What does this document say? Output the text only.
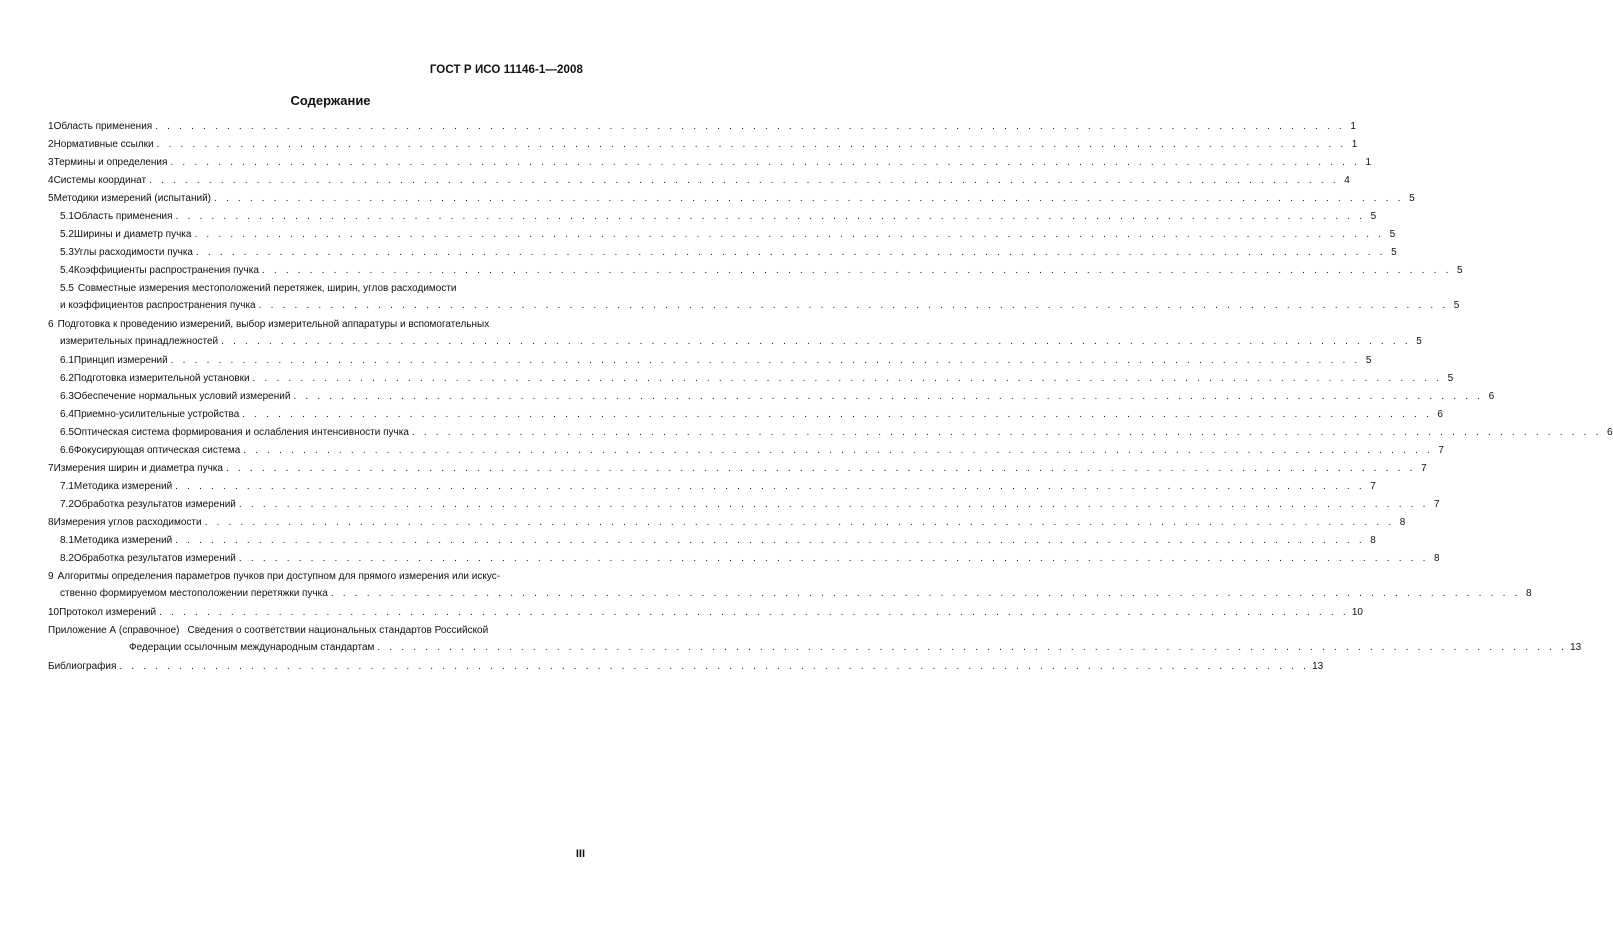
ГОСТ Р ИСО 11146-1—2008
Содержание
1 Область применения . . . . . . . . . . . . . . . . . . . . . . . . . . . . . . . . . . . . . . . . . . . . . . . . . . . . . . . . . . . . . . . . . . . . . . . . . . . . . . . . . . . . . . . . . . . . . . . . . . . . 1
2 Нормативные ссылки . . . . . . . . . . . . . . . . . . . . . . . . . . . . . . . . . . . . . . . . . . . . . . . . . . . . . . . . . . . . . . . . . . . . . . . . . . . . . . . . . . . . . . . . . . . . . . . . . . . . 1
3 Термины и определения . . . . . . . . . . . . . . . . . . . . . . . . . . . . . . . . . . . . . . . . . . . . . . . . . . . . . . . . . . . . . . . . . . . . . . . . . . . . . . . . . . . . . . . . . . . . . . . . . . . . 1
4 Системы координат . . . . . . . . . . . . . . . . . . . . . . . . . . . . . . . . . . . . . . . . . . . . . . . . . . . . . . . . . . . . . . . . . . . . . . . . . . . . . . . . . . . . . . . . . . . . . . . . . . . . 4
5 Методики измерений (испытаний) . . . . . . . . . . . . . . . . . . . . . . . . . . . . . . . . . . . . . . . . . . . . . . . . . . . . . . . . . . . . . . . . . . . . . . . . . . . . . . . . . . . . . . . . . . . . . . . . . . . . 5
5.1 Область применения . . . . . . . . . . . . . . . . . . . . . . . . . . . . . . . . . . . . . . . . . . . . . . . . . . . . . . . . . . . . . . . . . . . . . . . . . . . . . . . . . . . . . . . . . . . . . . . . . . . . 5
5.2 Ширины и диаметр пучка . . . . . . . . . . . . . . . . . . . . . . . . . . . . . . . . . . . . . . . . . . . . . . . . . . . . . . . . . . . . . . . . . . . . . . . . . . . . . . . . . . . . . . . . . . . . . . . . . . . . 5
5.3 Углы расходимости пучка . . . . . . . . . . . . . . . . . . . . . . . . . . . . . . . . . . . . . . . . . . . . . . . . . . . . . . . . . . . . . . . . . . . . . . . . . . . . . . . . . . . . . . . . . . . . . . . . . . . . 5
5.4 Коэффициенты распространения пучка . . . . . . . . . . . . . . . . . . . . . . . . . . . . . . . . . . . . . . . . . . . . . . . . . . . . . . . . . . . . . . . . . . . . . . . . . . . . . . . . . . . . . . . . . . . . . . . . . . . . 5
5.5 Совместные измерения местоположений перетяжек, ширин, углов расходимости
и коэффициентов распространения пучка . . . . . . . . . . . . . . . . . . . . . . . . . . . . . . . . . . . . . . . . . . . . . . . . . . . . . . . . . . . . . . . . . . . . . . . . . . . . . . . . . . . . . . . . . . . . . . . . . . . . 5
6 Подготовка к проведению измерений, выбор измерительной аппаратуры и вспомогательных
измерительных принадлежностей . . . . . . . . . . . . . . . . . . . . . . . . . . . . . . . . . . . . . . . . . . . . . . . . . . . . . . . . . . . . . . . . . . . . . . . . . . . . . . . . . . . . . . . . . . . . . . . . . . . . 5
6.1 Принцип измерений . . . . . . . . . . . . . . . . . . . . . . . . . . . . . . . . . . . . . . . . . . . . . . . . . . . . . . . . . . . . . . . . . . . . . . . . . . . . . . . . . . . . . . . . . . . . . . . . . . . . 5
6.2 Подготовка измерительной установки . . . . . . . . . . . . . . . . . . . . . . . . . . . . . . . . . . . . . . . . . . . . . . . . . . . . . . . . . . . . . . . . . . . . . . . . . . . . . . . . . . . . . . . . . . . . . . . . . . . . 5
6.3 Обеспечение нормальных условий измерений . . . . . . . . . . . . . . . . . . . . . . . . . . . . . . . . . . . . . . . . . . . . . . . . . . . . . . . . . . . . . . . . . . . . . . . . . . . . . . . . . . . . . . . . . . . . . . . . . . . . 6
6.4 Приемно-усилительные устройства . . . . . . . . . . . . . . . . . . . . . . . . . . . . . . . . . . . . . . . . . . . . . . . . . . . . . . . . . . . . . . . . . . . . . . . . . . . . . . . . . . . . . . . . . . . . . . . . . . . . 6
6.5 Оптическая система формирования и ослабления интенсивности пучка . . . . . . . . . . . . . . . . . . . . . . . . . . . . . . . . . . . . . . . . . . . . . . . . . . . . . . . . . . . . . . . . . . . . . . . . . . . . . . . . . . . . . . . . . . . . . . . . . . . . 6
6.6 Фокусирующая оптическая система . . . . . . . . . . . . . . . . . . . . . . . . . . . . . . . . . . . . . . . . . . . . . . . . . . . . . . . . . . . . . . . . . . . . . . . . . . . . . . . . . . . . . . . . . . . . . . . . . . . . 7
7 Измерения ширин и диаметра пучка . . . . . . . . . . . . . . . . . . . . . . . . . . . . . . . . . . . . . . . . . . . . . . . . . . . . . . . . . . . . . . . . . . . . . . . . . . . . . . . . . . . . . . . . . . . . . . . . . . . . 7
7.1 Методика измерений . . . . . . . . . . . . . . . . . . . . . . . . . . . . . . . . . . . . . . . . . . . . . . . . . . . . . . . . . . . . . . . . . . . . . . . . . . . . . . . . . . . . . . . . . . . . . . . . . . . . 7
7.2 Обработка результатов измерений . . . . . . . . . . . . . . . . . . . . . . . . . . . . . . . . . . . . . . . . . . . . . . . . . . . . . . . . . . . . . . . . . . . . . . . . . . . . . . . . . . . . . . . . . . . . . . . . . . . . 7
8 Измерения углов расходимости . . . . . . . . . . . . . . . . . . . . . . . . . . . . . . . . . . . . . . . . . . . . . . . . . . . . . . . . . . . . . . . . . . . . . . . . . . . . . . . . . . . . . . . . . . . . . . . . . . . . 8
8.1 Методика измерений . . . . . . . . . . . . . . . . . . . . . . . . . . . . . . . . . . . . . . . . . . . . . . . . . . . . . . . . . . . . . . . . . . . . . . . . . . . . . . . . . . . . . . . . . . . . . . . . . . . . 8
8.2 Обработка результатов измерений . . . . . . . . . . . . . . . . . . . . . . . . . . . . . . . . . . . . . . . . . . . . . . . . . . . . . . . . . . . . . . . . . . . . . . . . . . . . . . . . . . . . . . . . . . . . . . . . . . . . 8
9 Алгоритмы определения параметров пучков при доступном для прямого измерения или искус-
ственно формируемом местоположении перетяжки пучка . . . . . . . . . . . . . . . . . . . . . . . . . . . . . . . . . . . . . . . . . . . . . . . . . . . . . . . . . . . . . . . . . . . . . . . . . . . . . . . . . . . . . . . . . . . . . . . . . . . . 8
10 Протокол измерений . . . . . . . . . . . . . . . . . . . . . . . . . . . . . . . . . . . . . . . . . . . . . . . . . . . . . . . . . . . . . . . . . . . . . . . . . . . . . . . . . . . . . . . . . . . . . . . . . . . . 10
Приложение А (справочное) Сведения о соответствии национальных стандартов Российской
Федерации ссылочным международным стандартам . . . . . . . . . . . . . . . . . . . . . . . . . . . . . . . . . . . . . . . . . . . . . . . . . . . . . . . . . . . . . . . . . . . . . . . . . . . . . . . . . . . . . . . . . . . . . . . . . . . . 13
Библиография . . . . . . . . . . . . . . . . . . . . . . . . . . . . . . . . . . . . . . . . . . . . . . . . . . . . . . . . . . . . . . . . . . . . . . . . . . . . . . . . . . . . . . . . . . . . . . . . . . . . 13
III
